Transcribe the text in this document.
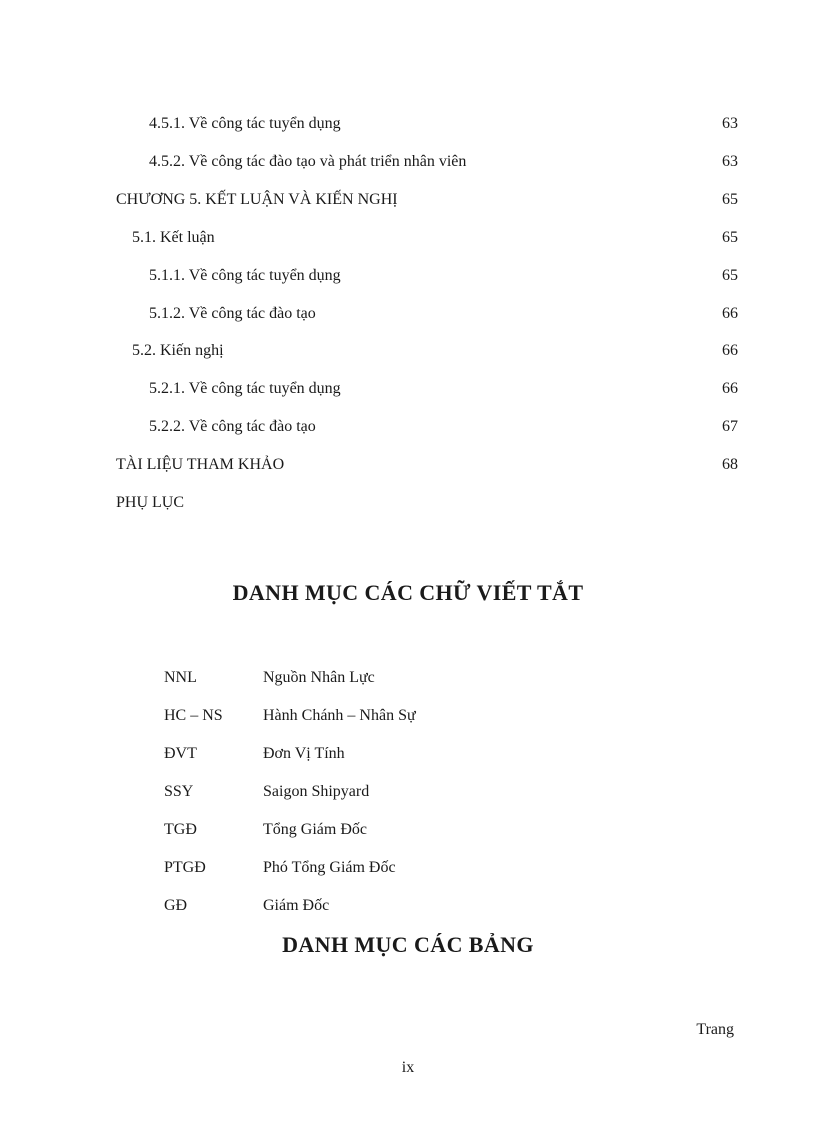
4.5.1. Về công tác tuyển dụng	63
4.5.2. Về công tác đào tạo và phát triển nhân viên	63
CHƯƠNG 5. KẾT LUẬN VÀ KIẾN NGHỊ	65
5.1. Kết luận	65
5.1.1. Về công tác tuyển dụng	65
5.1.2. Về công tác đào tạo	66
5.2. Kiến nghị	66
5.2.1. Về công tác tuyển dụng	66
5.2.2. Về công tác đào tạo	67
TÀI LIỆU THAM KHẢO	68
PHỤ LỤC
DANH MỤC CÁC CHỮ VIẾT TẮT
NNL	Nguồn Nhân Lực
HC – NS	Hành Chánh – Nhân Sự
ĐVT	Đơn Vị Tính
SSY	Saigon Shipyard
TGĐ	Tổng Giám Đốc
PTGĐ	Phó Tổng Giám Đốc
GĐ	Giám Đốc
DANH MỤC CÁC BẢNG
Trang
ix
